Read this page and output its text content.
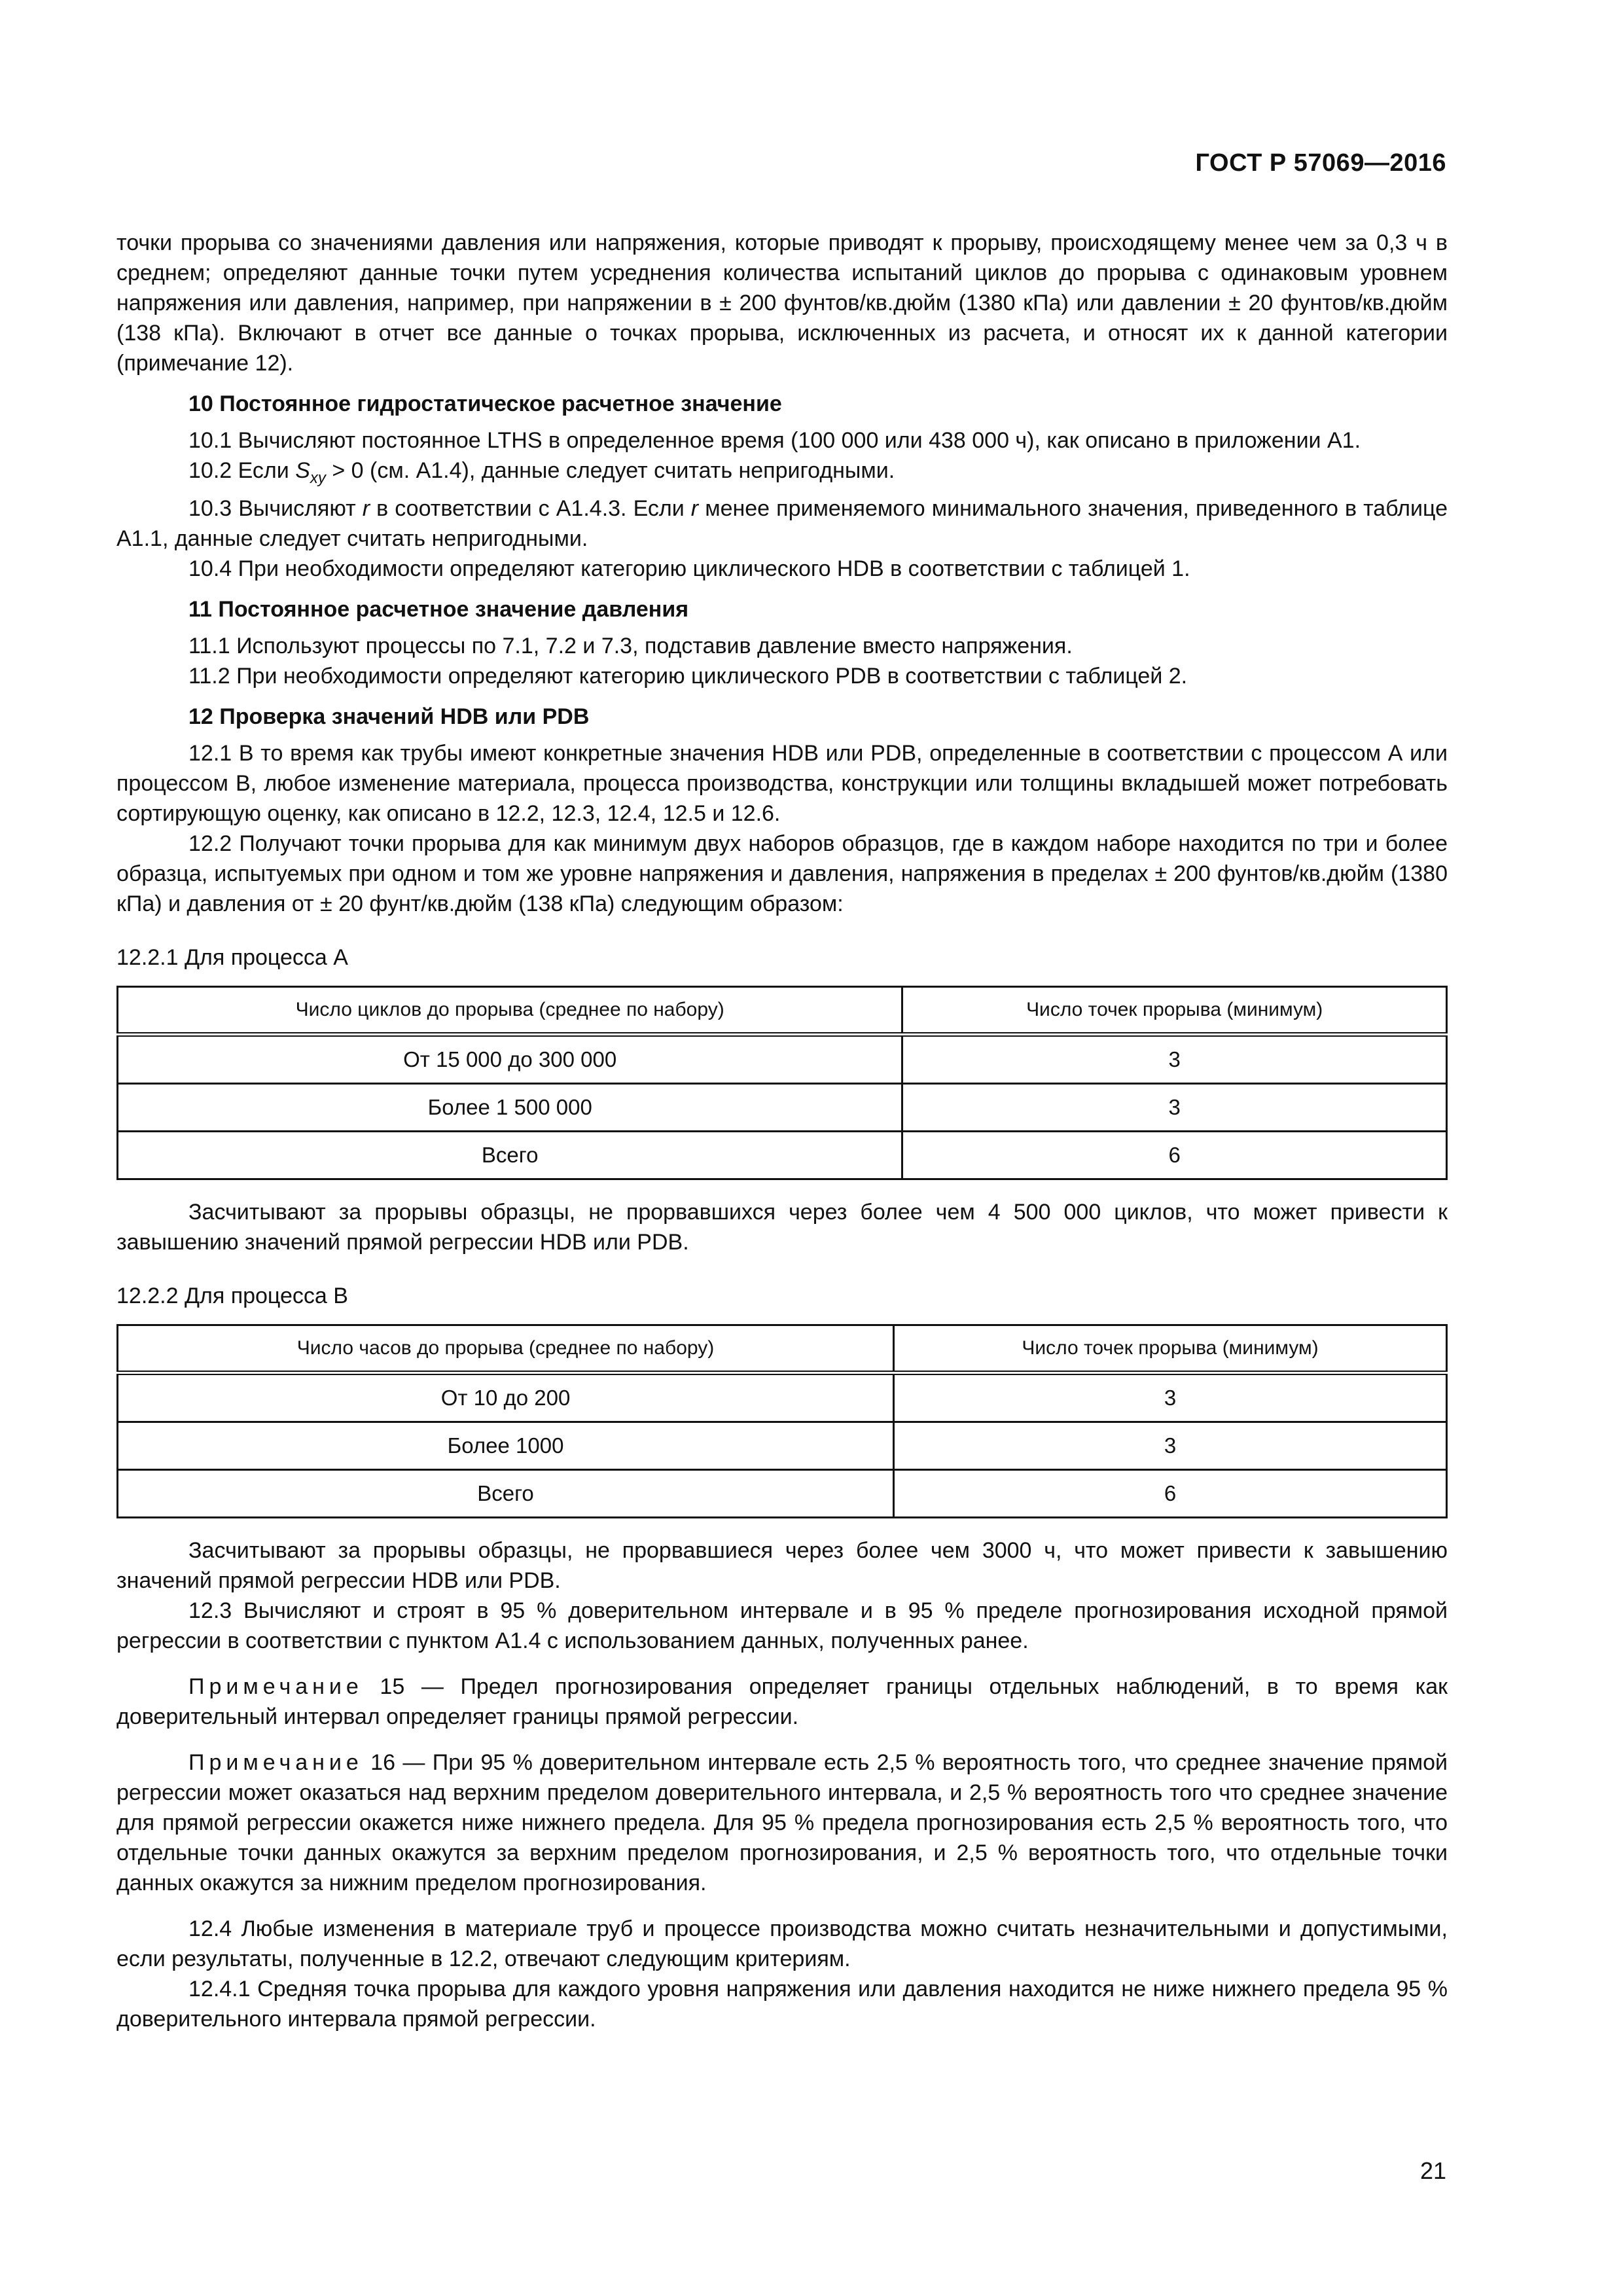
ГОСТ Р 57069—2016

точки прорыва со значениями давления или напряжения, которые приводят к прорыву, происходящему менее чем за 0,3 ч в среднем; определяют данные точки путем усреднения количества испытаний циклов до прорыва с одинаковым уровнем напряжения или давления, например, при напряжении в ± 200 фунтов/кв.дюйм (1380 кПа) или давлении ± 20 фунтов/кв.дюйм (138 кПа). Включают в отчет все данные о точках прорыва, исключенных из расчета, и относят их к данной категории (примечание 12).

10 Постоянное гидростатическое расчетное значение

10.1 Вычисляют постоянное LTHS в определенное время (100 000 или 438 000 ч), как описано в приложении А1.

10.2 Если $S_{xy} > 0$ (см. А1.4), данные следует считать непригодными.

10.3 Вычисляют r в соответствии с А1.4.3. Если r менее применяемого минимального значения, приведенного в таблице А1.1, данные следует считать непригодными.

10.4 При необходимости определяют категорию циклического HDB в соответствии с таблицей 1.

11 Постоянное расчетное значение давления

11.1 Используют процессы по 7.1, 7.2 и 7.3, подставив давление вместо напряжения.

11.2 При необходимости определяют категорию циклического PDB в соответствии с таблицей 2.

12 Проверка значений HDB или PDB

12.1 В то время как трубы имеют конкретные значения HDB или PDB, определенные в соответствии с процессом А или процессом В, любое изменение материала, процесса производства, конструкции или толщины вкладышей может потребовать сортирующую оценку, как описано в 12.2, 12.3, 12.4, 12.5 и 12.6.

12.2 Получают точки прорыва для как минимум двух наборов образцов, где в каждом наборе находится по три и более образца, испытуемых при одном и том же уровне напряжения и давления, напряжения в пределах ± 200 фунтов/кв.дюйм (1380 кПа) и давления от ± 20 фунт/кв.дюйм (138 кПа) следующим образом:

12.2.1 Для процесса А
Число циклов до прорыва (среднее по набору)	Число точек прорыва (минимум)
От 15 000 до 300 000	3
Более 1 500 000	3
Всего	6

Засчитывают за прорывы образцы, не прорвавшихся через более чем 4 500 000 циклов, что может привести к завышению значений прямой регрессии HDB или PDB.

12.2.2 Для процесса В
Число часов до прорыва (среднее по набору)	Число точек прорыва (минимум)
От 10 до 200	3
Более 1000	3
Всего	6

Засчитывают за прорывы образцы, не прорвавшиеся через более чем 3000 ч, что может привести к завышению значений прямой регрессии HDB или PDB.

12.3 Вычисляют и строят в 95 % доверительном интервале и в 95 % пределе прогнозирования исходной прямой регрессии в соответствии с пунктом А1.4 с использованием данных, полученных ранее.

Примечание 15 — Предел прогнозирования определяет границы отдельных наблюдений, в то время как доверительный интервал определяет границы прямой регрессии.

Примечание 16 — При 95 % доверительном интервале есть 2,5 % вероятность того, что среднее значение прямой регрессии может оказаться над верхним пределом доверительного интервала, и 2,5 % вероятность того что среднее значение для прямой регрессии окажется ниже нижнего предела. Для 95 % предела прогнозирования есть 2,5 % вероятность того, что отдельные точки данных окажутся за верхним пределом прогнозирования, и 2,5 % вероятность того, что отдельные точки данных окажутся за нижним пределом прогнозирования.

12.4 Любые изменения в материале труб и процессе производства можно считать незначительными и допустимыми, если результаты, полученные в 12.2, отвечают следующим критериям.

12.4.1 Средняя точка прорыва для каждого уровня напряжения или давления находится не ниже нижнего предела 95 % доверительного интервала прямой регрессии.

21
